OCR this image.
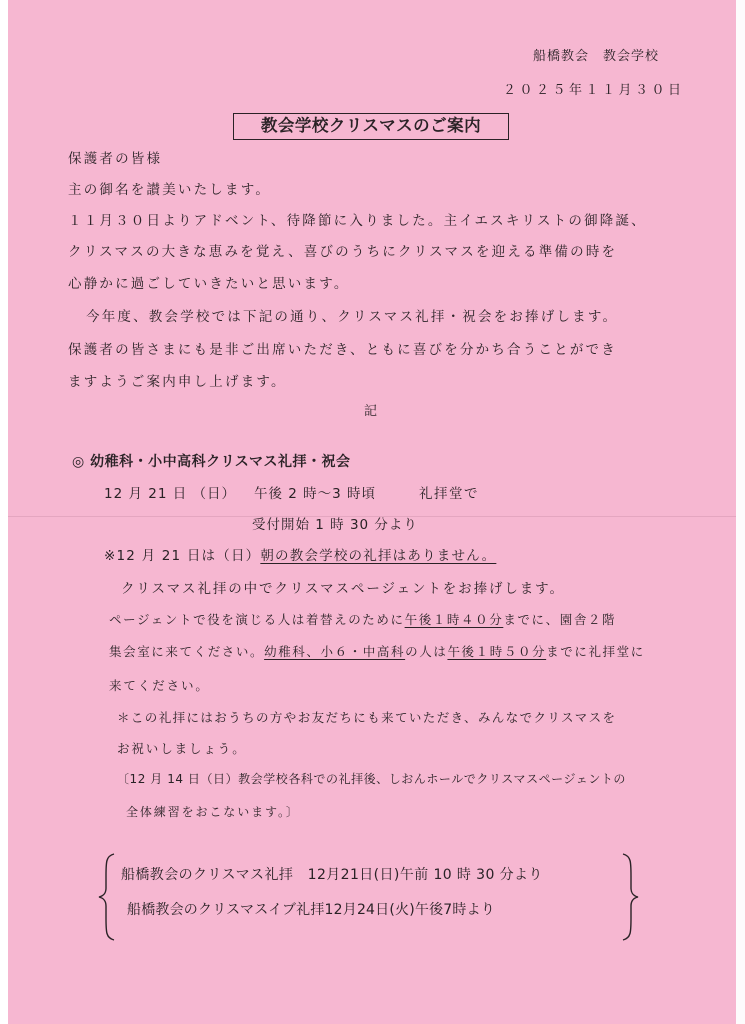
船橋教会　教会学校
２０２５年１１月３０日
教会学校クリスマスのご案内
保護者の皆様
主の御名を讃美いたします。
１１月３０日よりアドベント、待降節に入りました。主イエスキリストの御降誕、
クリスマスの大きな恵みを覚え、喜びのうちにクリスマスを迎える準備の時を
心静かに過ごしていきたいと思います。
今年度、教会学校では下記の通り、クリスマス礼拝・祝会をお捧げします。
保護者の皆さまにも是非ご出席いただき、ともに喜びを分かち合うことができ
ますようご案内申し上げます。
記
◎ 幼稚科・小中高科クリスマス礼拝・祝会
12 月 21 日 （日） 午後 2 時～3 時頃	礼拝堂で
受付開始 1 時 30 分より
※12 月 21 日は（日）朝の教会学校の礼拝はありません。
クリスマス礼拝の中でクリスマスページェントをお捧げします。
ページェントで役を演じる人は着替えのために午後１時４０分までに、園舎２階
集会室に来てください。幼稚科、小６・中高科の人は午後１時５０分までに礼拝堂に
来てください。
＊この礼拝にはおうちの方やお友だちにも来ていただき、みんなでクリスマスを
お祝いしましょう。
〔12 月 14 日（日）教会学校各科での礼拝後、しおんホールでクリスマスページェントの
全体練習をおこないます。〕
船橋教会のクリスマス礼拝　12月21日(日)午前 10 時 30 分より
船橋教会のクリスマスイブ礼拝12月24日(火)午後7時より
